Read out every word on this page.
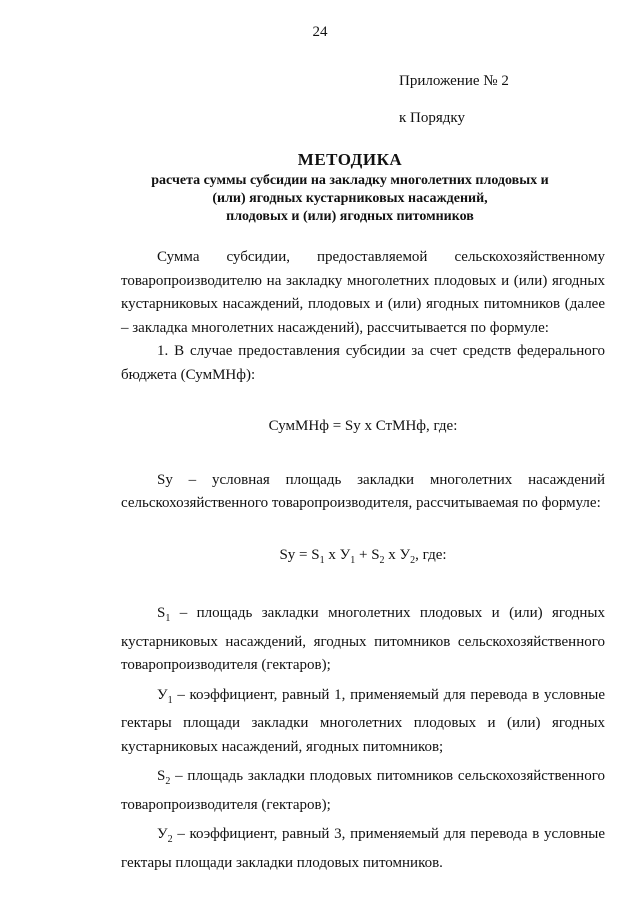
24
Приложение № 2
к Порядку
МЕТОДИКА
расчета суммы субсидии на закладку многолетних плодовых и
(или) ягодных кустарниковых насаждений,
плодовых и (или) ягодных питомников

Сумма субсидии, предоставляемой сельскохозяйственному товаропроизводителю на закладку многолетних плодовых и (или) ягодных кустарниковых насаждений, плодовых и (или) ягодных питомников (далее – закладка многолетних насаждений), рассчитывается по формуле:

1. В случае предоставления субсидии за счет средств федерального бюджета (СумМНф):

СумМНф = Sу x СтМНф, где:

Sу – условная площадь закладки многолетних насаждений сельскохозяйственного товаропроизводителя, рассчитываемая по формуле:

Sу = $S_1$ x $У_1 + S_2$ x $У_2$, где:

$S_1$ – площадь закладки многолетних плодовых и (или) ягодных кустарниковых насаждений, ягодных питомников сельскохозяйственного товаропроизводителя (гектаров);

$У_1$ – коэффициент, равный 1, применяемый для перевода в условные гектары площади закладки многолетних плодовых и (или) ягодных кустарниковых насаждений, ягодных питомников;

$S_2$ – площадь закладки плодовых питомников сельскохозяйственного товаропроизводителя (гектаров);

$У_2$ – коэффициент, равный 3, применяемый для перевода в условные гектары площади закладки плодовых питомников.
